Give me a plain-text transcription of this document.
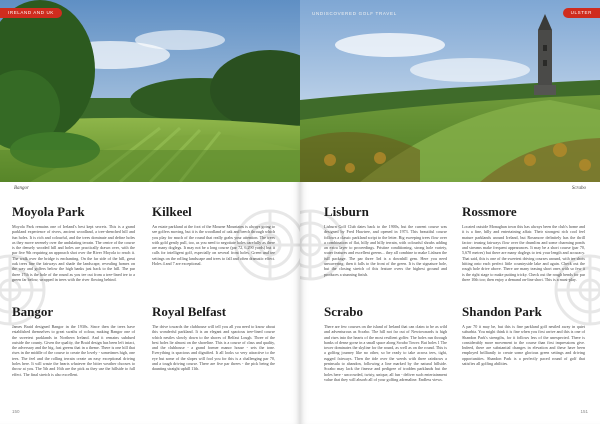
IRELAND AND UK
Bangor
Moyola Park

Moyola Park remains one of Ireland's best kept secrets. This is a grand parkland experience of rivers, ancient woodland, a tree-drenched hill and fun holes. It is rich and colourful, and the trees dominate and define holes as they move serenely over the undulating terrain. The centre of the course is the densely wooded hill and holes are practically drawn over, with the par five 9th requiring an approach shot over the River Moyola to reach it. The walk over the bridge is enchanting. On the far side of the hill, great oak trees line the fairways and shade the landscape, revealing homes on the way and golfers below the high banks just back to the hill. The par three 17th is the hole of the round as you tee out from a tree-lined tee to a green far below, wrapped in trees with the river flowing behind.

Bangor

James Braid designed Bangor in the 1930s. Since then the trees have established themselves to great swaths of colour, making Bangor one of the sweetest parklands in Northern Ireland. And it remains subdued outside the county. Given the quality, the Braid design has been left intact, the adversary and the big, fast greens that in a theme. There is one hill that rises in the middle of the course to create the lovely - sometimes high, one tees. The feel and the rolling terrain create an easy exceptional driving holes here. It will waste the hearts whatever the bitter weather chooses to throw at you. The 5th and 16th are the pick as they use the hillside to full effect. The final stretch is also excellent.

Kilkeel

An estate parkland at the foot of the Mourne Mountains is always going to see golfers moving, but it is the woodland of oak and beech through which you play for much of the round that really grabs your attention. The trees with gold gently pull, too, as you need to negotiate holes carefully as there are many doglegs. It may not be a long course (par 72, 6,290 yards) but it calls for intelligent golf, especially on several front holes. Green and tee settings on the rolling landscape and trees to fall and often dramatic effect. Holes 4 and 7 are exceptional.

Royal Belfast

The drive towards the clubhouse will tell you all you need to know about this wonderful parkland. It is an elegant and spacious tree-lined course which nestles slowly down to the shores of Belfast Lough. Three of the best holes lie almost on the shoreline. This is a course of class and quality, and the clubhouse - a grand former manor house - sets the tone. Everything is spacious and dignified. It all looks so very attractive to the eye but some of the slopes will fool you for this is a challenging par 70, and a tough driving course. There are five par threes - the pick being the daunting straight uphill 11th.

150
UNDISCOVERED GOLF TRAVEL	ULSTER
Scrabo
Lisburn

Lisburn Golf Club dates back to the 1900s, but the current course was designed by Fred Hawtree, and opened in 1973. This beautiful course follows a classic parkland script to the letter. Big sweeping trees flow over a combination of flat, hilly and hilly terrain, with colourful shrubs adding an extra layer to proceedings. Pristine conditioning, strong hole variety, water features and excellent greens... they all combine to make Lisburn the full package. The par three 3rd is a downhill gem. Here you need unwavering; then it falls to the front of the green. It is the signature hole, but the closing stretch of this feature overs the highest ground and produces a stunning finish.

Scrabo

There are few courses on the island of Ireland that can claim to be as wild and adventurous as Scrabo. The hill not far out of Newtownards is high and rises into the hearts of the most resilient golfer. The holes run through banks of dense gorse in a small space along Scrabo Tower. But holes 1 The tower dominates the skyline for the round, as well as on the round. This is a golfing journey like no other, so be ready to take across tees, tight, rugged fairways. Then the tide over the weeds with three rainbows a peninsula to abandon, following a line marked by the natural hillside. Scrabo may lack the finesse and pedigree of trodden parklands but the holes here - uncrowded, twisty, unique, all fun - deliver such entertainment value that they will absorb all of your golfing adrenaline. Endless views.

Rossmore

Located outside Monaghan town this has always been the club's home and it is a fine, hilly and entertaining affair. Their strongest rich cool feel mature parklands around Ireland, but Rossmore definitely has the thrill factor: teasing fairways flow over the drumlins and some charming ponds and streams make frequent appearances. It may be a short course (par 70, 5,670 metres) but there are many doglegs to test your length and accuracy. That said, this is one of the sweetest driving courses around, with tee shots hitting onto each perfect little countryside lake and again. Check out the rough hole drive above. There are many teasing short ones with so few it is the right stage to make putting tricky. Check out the rough bends for par three 10th too; then enjoy a demand on-line short. This is a must-play.

Shandon Park

A par 70 it may be, but this is fine parkland golf nestled away in quiet suburbia. You might think it is fine when you first arrive and this is one of Shandon Park's strengths, for it follows less of the unexpected. There is considerably more movement to the course than first impressions give. Indeed, there are substantial changes in elevation and these have been employed brilliantly to create some glorious green settings and driving opportunities. Shandon Park is a perfectly paced round of golf that satisfies all golfing abilities.

151
